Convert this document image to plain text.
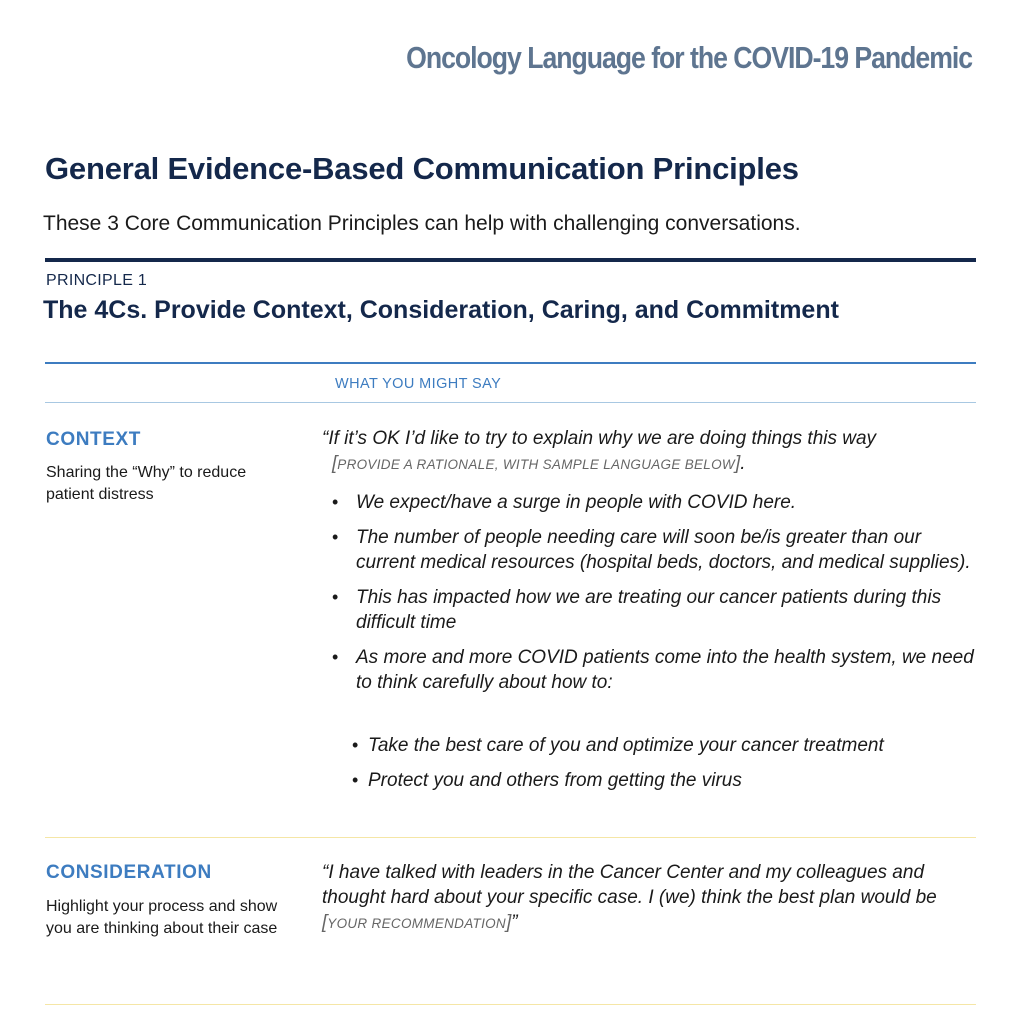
Oncology Language for the COVID-19 Pandemic
General Evidence-Based Communication Principles
These 3 Core Communication Principles can help with challenging conversations.
PRINCIPLE 1
The 4Cs. Provide Context, Consideration, Caring, and Commitment
WHAT YOU MIGHT SAY
CONTEXT
Sharing the “Why” to reduce patient distress
“If it’s OK I’d like to try to explain why we are doing things this way
[PROVIDE A RATIONALE, WITH SAMPLE LANGUAGE BELOW].
• We expect/have a surge in people with COVID here.
• The number of people needing care will soon be/is greater than our current medical resources (hospital beds, doctors, and medical supplies).
• This has impacted how we are treating our cancer patients during this difficult time
• As more and more COVID patients come into the health system, we need to think carefully about how to:
• Take the best care of you and optimize your cancer treatment
• Protect you and others from getting the virus
CONSIDERATION
Highlight your process and show you are thinking about their case
“I have talked with leaders in the Cancer Center and my colleagues and thought hard about your specific case. I (we) think the best plan would be [YOUR RECOMMENDATION]”
